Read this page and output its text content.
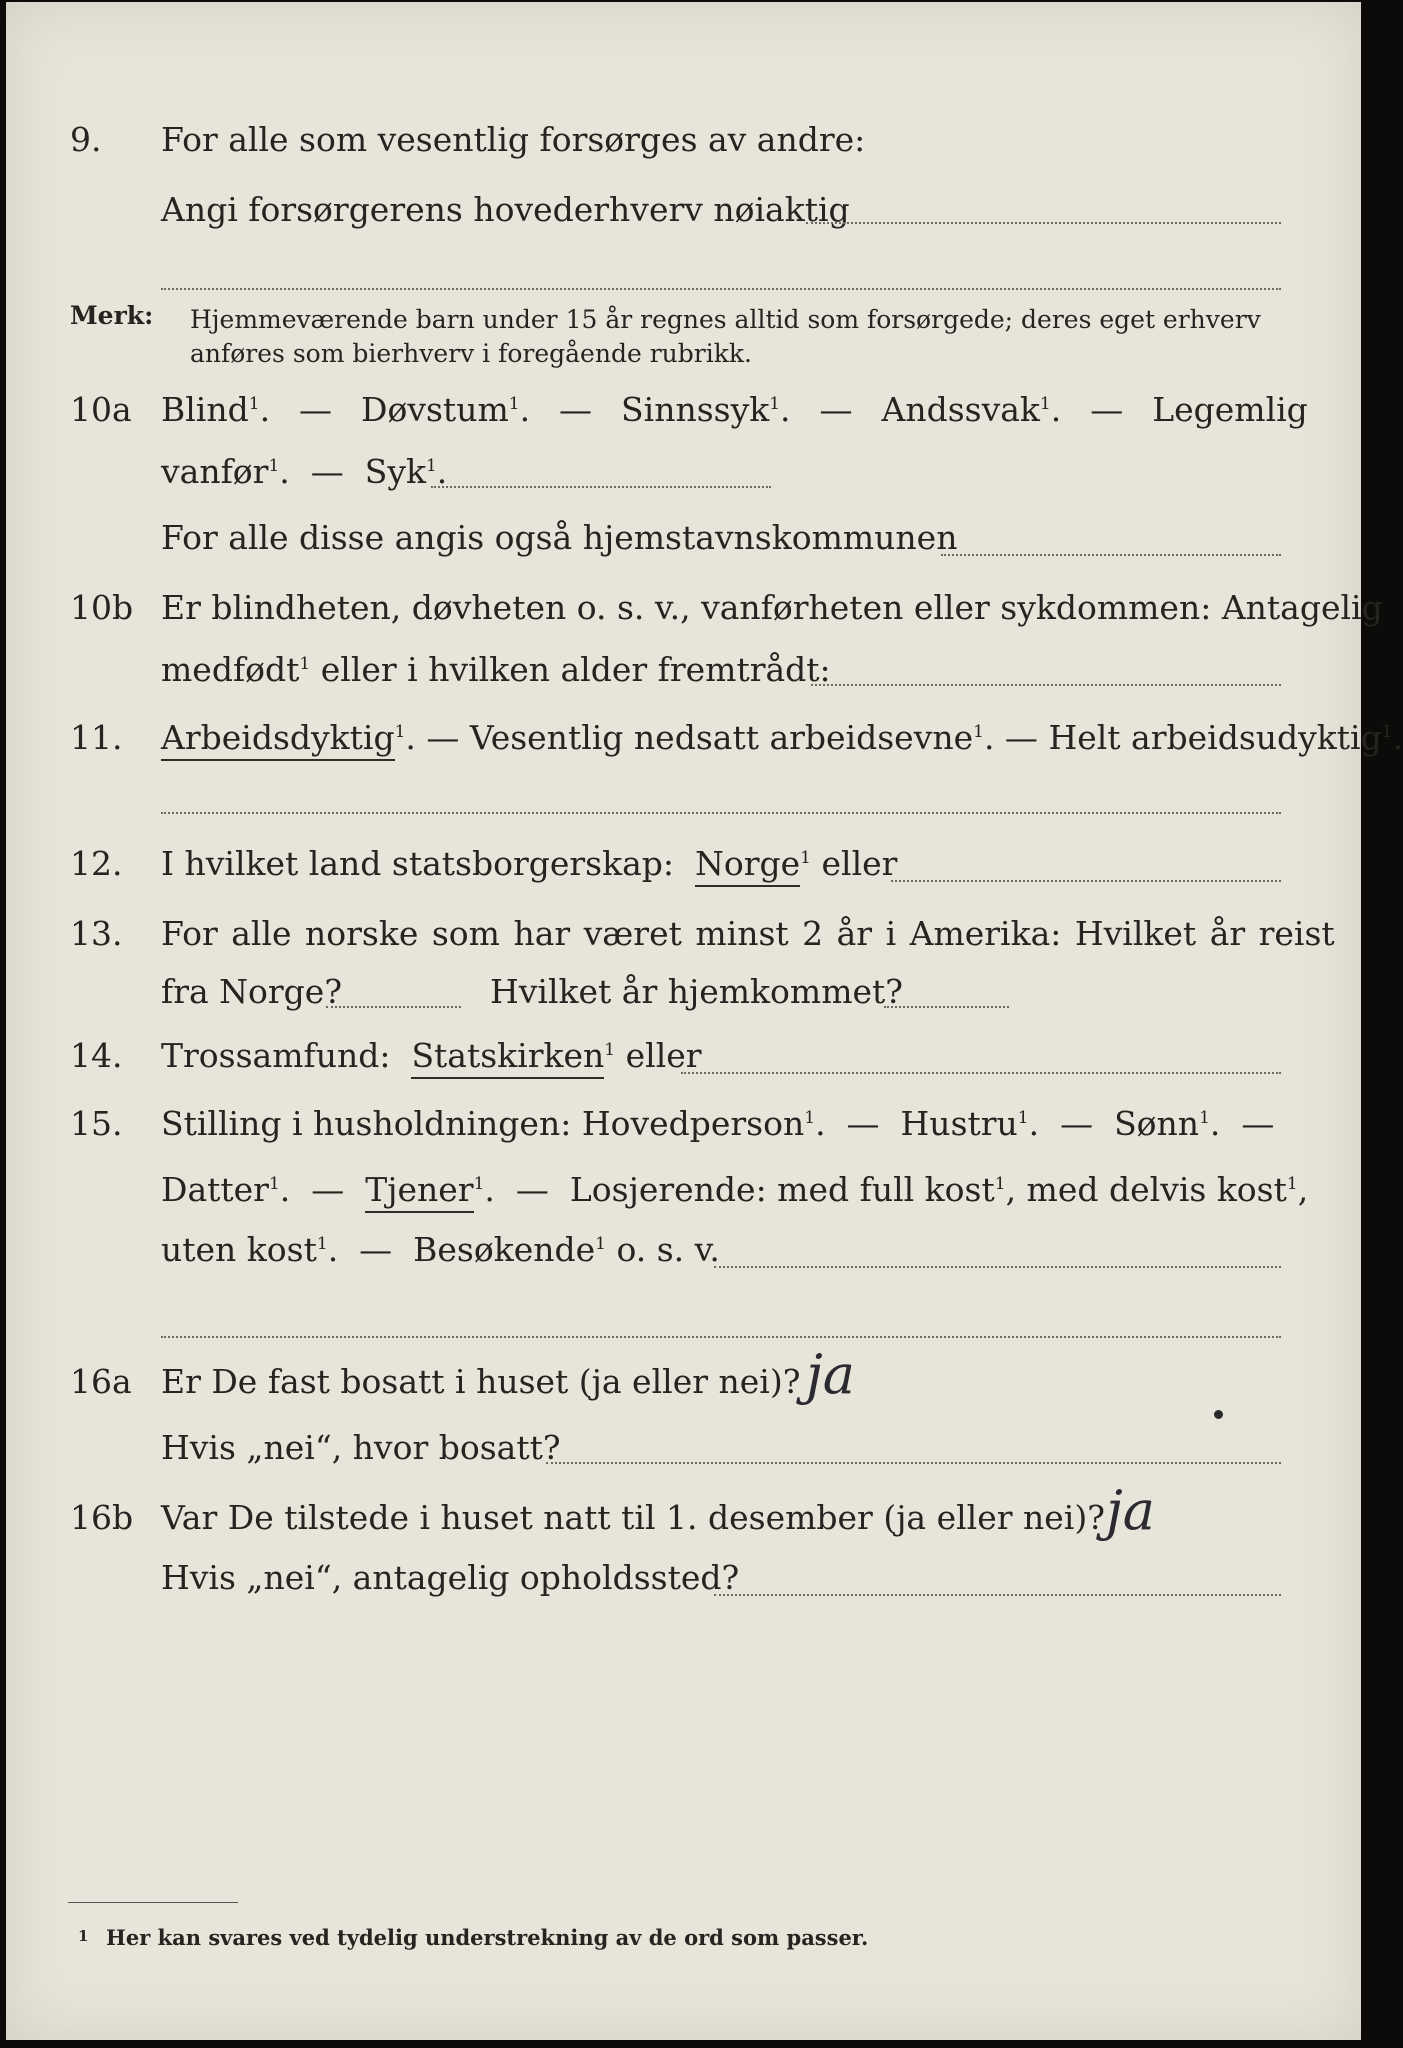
9. For alle som vesentlig forsørges av andre:
Angi forsørgerens hovederhverv nøiaktig
Merk: Hjemmeværende barn under 15 år regnes alltid som forsørgede; deres eget erhverv
anføres som bierhverv i foregående rubrikk.
10a Blind$^1$.  —  Døvstum$^1$.  —  Sinnssyk$^1$.  —  Andssvak$^1$.  —  Legemlig
vanfør$^1$.  —  Syk$^1$.
For alle disse angis også hjemstavnskommunen
10b Er blindheten, døvheten o. s. v., vanførheten eller sykdommen: Antagelig
medfødt$^1$ eller i hvilken alder fremtrådt:
11. Arbeidsdyktig$^1$. — Vesentlig nedsatt arbeidsevne$^1$. — Helt arbeidsudyktig$^1$.
12. I hvilket land statsborgerskap: Norge$^1$ eller
13. For alle norske som har været minst 2 år i Amerika: Hvilket år reist
fra Norge?	Hvilket år hjemkommet?
14. Trossamfund: Statskirken$^1$ eller
15. Stilling i husholdningen: Hovedperson$^1$.  —  Hustru$^1$.  —  Sønn$^1$.  —
Datter$^1$.  —  Tjener$^1$.  —  Losjerende: med full kost$^1$, med delvis kost$^1$,
uten kost$^1$.  —  Besøkende$^1$ o. s. v.
16a Er De fast bosatt i huset (ja eller nei)? ja
Hvis „nei“, hvor bosatt?
16b Var De tilstede i huset natt til 1. desember (ja eller nei)? ja
Hvis „nei“, antagelig opholdssted?
1 Her kan svares ved tydelig understrekning av de ord som passer.
